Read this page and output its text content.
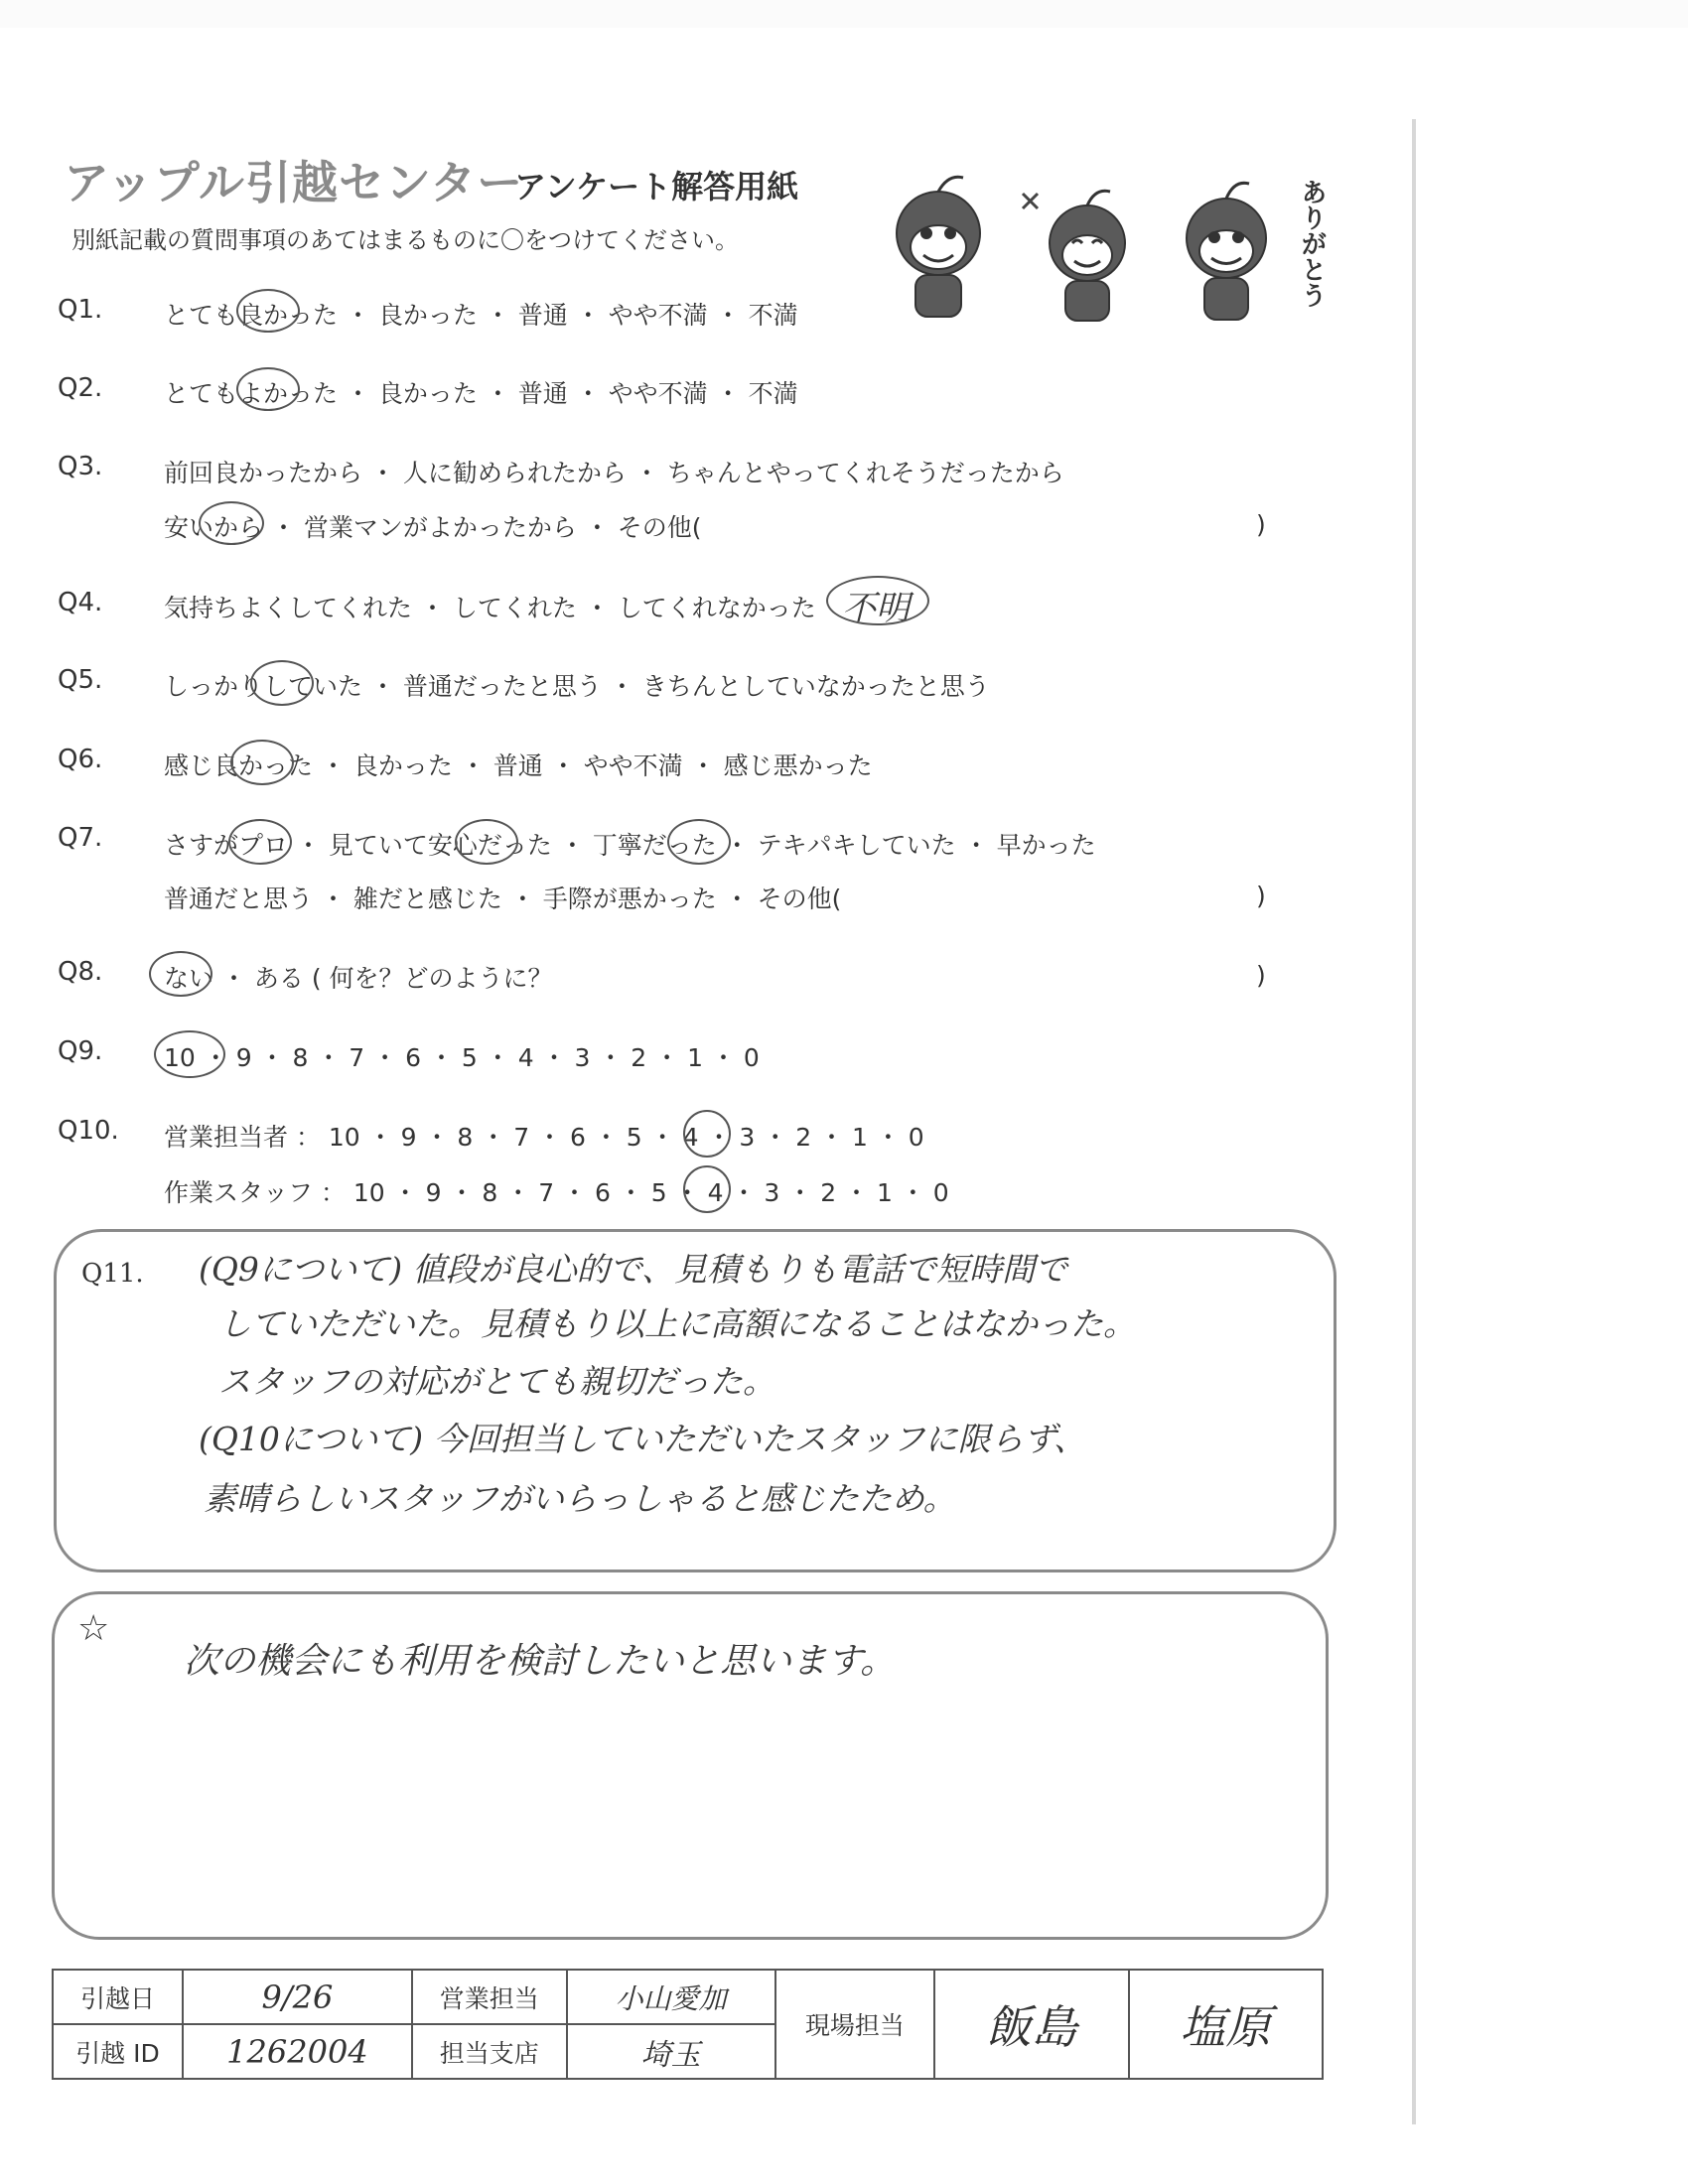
アップル引越センター
アンケート解答用紙
別紙記載の質問事項のあてはまるものに〇をつけてください。	ありがとう
Q1. とても良かった ・ 良かった ・ 普通 ・ やや不満 ・ 不満
Q2. とてもよかった ・ 良かった ・ 普通 ・ やや不満 ・ 不満
Q3. 前回良かったから ・ 人に勧められたから ・ ちゃんとやってくれそうだったから
安いから ・ 営業マンがよかったから ・ その他(	)
Q4. 気持ちよくしてくれた ・ してくれた ・ してくれなかった 不明
Q5. しっかりしていた ・ 普通だったと思う ・ きちんとしていなかったと思う
Q6. 感じ良かった ・ 良かった ・ 普通 ・ やや不満 ・ 感じ悪かった
Q7. さすがプロ ・ 見ていて安心だった ・ 丁寧だった ・ テキパキしていた ・ 早かった
普通だと思う ・ 雑だと感じた ・ 手際が悪かった ・ その他(	)
Q8. ない ・ ある ( 何を？どのように？	)
Q9. 10 ・ 9 ・ 8 ・ 7 ・ 6 ・ 5 ・ 4 ・ 3 ・ 2 ・ 1 ・ 0
Q10. 営業担当者 ： 10 ・ 9 ・ 8 ・ 7 ・ 6 ・ 5 ・ 4 ・ 3 ・ 2 ・ 1 ・ 0
作業スタッフ ： 10 ・ 9 ・ 8 ・ 7 ・ 6 ・ 5 ・ 4 ・ 3 ・ 2 ・ 1 ・ 0
Q11. (Q9について) 値段が良心的で、見積もりも電話で短時間で
していただいた。見積もり以上に高額になることはなかった。
スタッフの対応がとても親切だった。
(Q10について) 今回担当していただいたスタッフに限らず、
素晴らしいスタッフがいらっしゃると感じたため。
☆
次の機会にも利用を検討したいと思います。
引越日	9/26	営業担当	小山愛加	現場担当	飯島	塩原
引越 ID	1262004	担当支店	埼玉			
